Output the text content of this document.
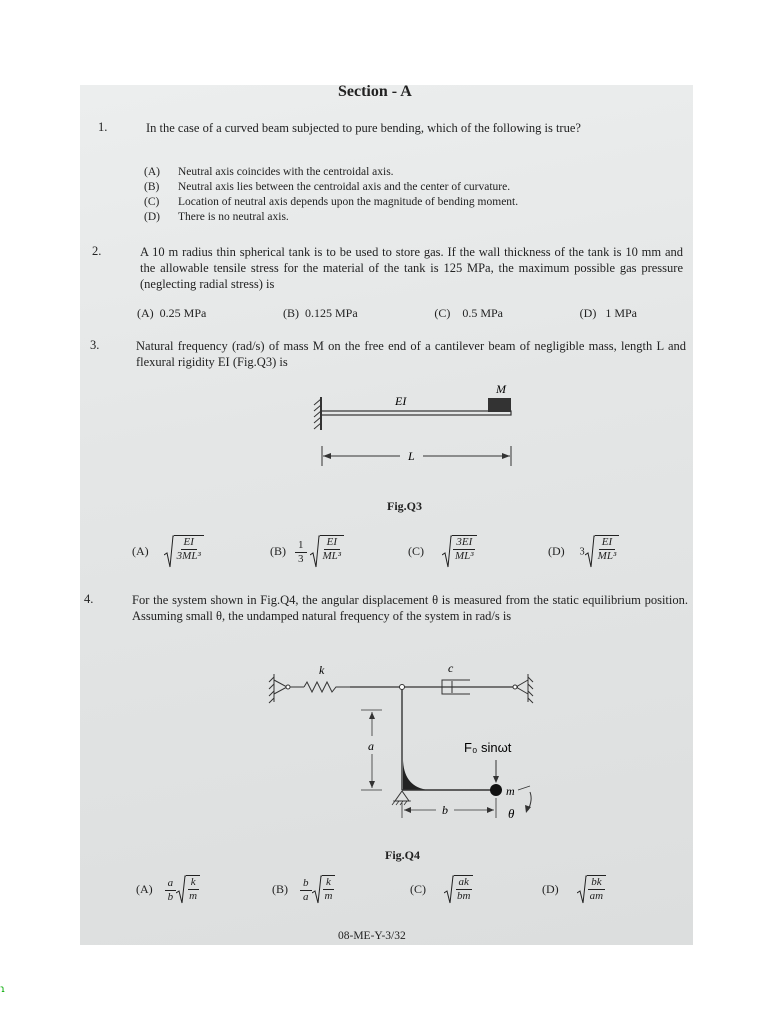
Section - A
1.	In the case of a curved beam subjected to pure bending, which of the following is true?
(A)	Neutral axis coincides with the centroidal axis.
(B)	Neutral axis lies between the centroidal axis and the center of curvature.
(C)	Location of neutral axis depends upon the magnitude of bending moment.
(D)	There is no neutral axis.
2.	A 10 m radius thin spherical tank is to be used to store gas. If the wall thickness of the tank is 10 mm and the allowable tensile stress for the material of the tank is 125 MPa, the maximum possible gas pressure (neglecting radial stress) is
(A) 0.25 MPa	(B) 0.125 MPa	(C) 0.5 MPa	(D) 1 MPa
3.	Natural frequency (rad/s) of mass M on the free end of a cantilever beam of negligible mass, length L and flexural rigidity EI (Fig.Q3) is
M
EI
L
Fig.Q3
$(A) \frac{EI}{\text{3ML³}}$	$(B) \frac{1}{3}$
$\frac{EI}{\text{ML³}}$	(C)	$\frac{3EI}{\text{ML³}}$	(D) $3 \frac{EI}{\text{ML³}}$
4.	For the system shown in Fig.Q4, the angular displacement θ is measured from the static equilibrium position. Assuming small θ, the undamped natural frequency of the system in rad/s is
k	c
a
b
F₀ sinωt
m
θ
Fig.Q4
$(A) \frac{a}{b} \frac{k}{m}$	$(B) \frac{b}{a} \frac{k}{m}$	(C)	$\frac{ak}{bm}$	(D)	$\frac{bk}{am}$
08-ME-Y-3/32
ɿ
